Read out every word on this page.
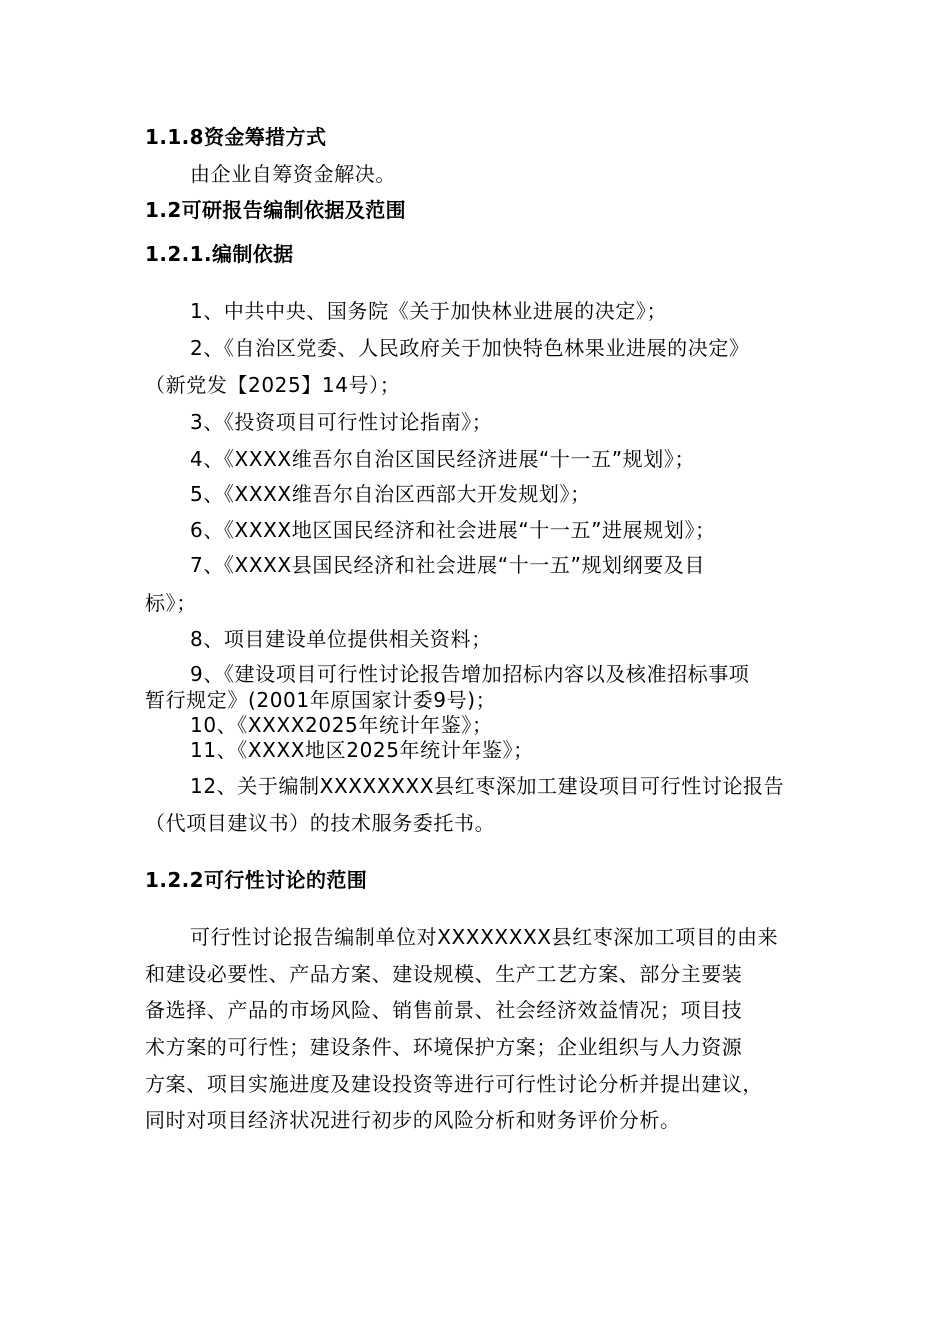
1.1.8资金筹措方式
由企业自筹资金解决。
1.2可研报告编制依据及范围
1.2.1.编制依据
1、中共中央、国务院《关于加快林业进展的决定》；
2、《自治区党委、人民政府关于加快特色林果业进展的决定》
（新党发【2025】14号）；
3、《投资项目可行性讨论指南》；
4、《XXXX维吾尔自治区国民经济进展“十一五”规划》；
5、《XXXX维吾尔自治区西部大开发规划》；
6、《XXXX地区国民经济和社会进展“十一五”进展规划》；
7、《XXXX县国民经济和社会进展“十一五”规划纲要及目
标》；
8、项目建设单位提供相关资料；
9、《建设项目可行性讨论报告增加招标内容以及核准招标事项
暂行规定》(2001年原国家计委9号)；
10、《XXXX2025年统计年鉴》；
11、《XXXX地区2025年统计年鉴》；
12、关于编制XXXXXXXX县红枣深加工建设项目可行性讨论报告
（代项目建议书）的技术服务委托书。
1.2.2可行性讨论的范围
可行性讨论报告编制单位对XXXXXXXX县红枣深加工项目的由来
和建设必要性、产品方案、建设规模、生产工艺方案、部分主要装
备选择、产品的市场风险、销售前景、社会经济效益情况；项目技
术方案的可行性；建设条件、环境保护方案；企业组织与人力资源
方案、项目实施进度及建设投资等进行可行性讨论分析并提出建议，
同时对项目经济状况进行初步的风险分析和财务评价分析。
